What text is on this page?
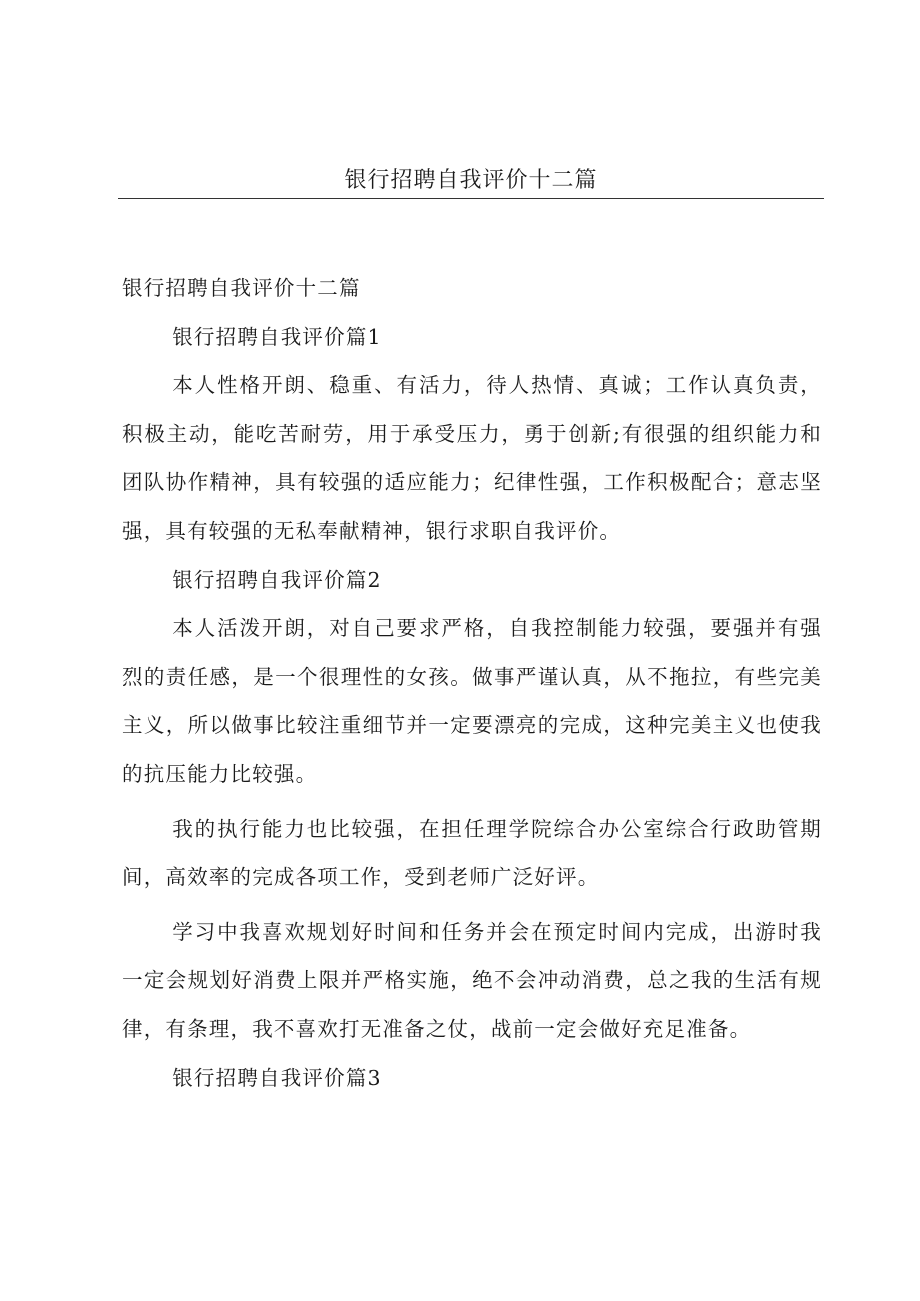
银行招聘自我评价十二篇

银行招聘自我评价十二篇

银行招聘自我评价篇1

本人性格开朗、稳重、有活力，待人热情、真诚；工作认真负责，积极主动，能吃苦耐劳，用于承受压力，勇于创新;有很强的组织能力和团队协作精神，具有较强的适应能力；纪律性强，工作积极配合；意志坚强，具有较强的无私奉献精神，银行求职自我评价。

银行招聘自我评价篇2

本人活泼开朗，对自己要求严格，自我控制能力较强，要强并有强烈的责任感，是一个很理性的女孩。做事严谨认真，从不拖拉，有些完美主义，所以做事比较注重细节并一定要漂亮的完成，这种完美主义也使我的抗压能力比较强。

我的执行能力也比较强，在担任理学院综合办公室综合行政助管期间，高效率的完成各项工作，受到老师广泛好评。

学习中我喜欢规划好时间和任务并会在预定时间内完成，出游时我一定会规划好消费上限并严格实施，绝不会冲动消费，总之我的生活有规律，有条理，我不喜欢打无准备之仗，战前一定会做好充足准备。

银行招聘自我评价篇3
